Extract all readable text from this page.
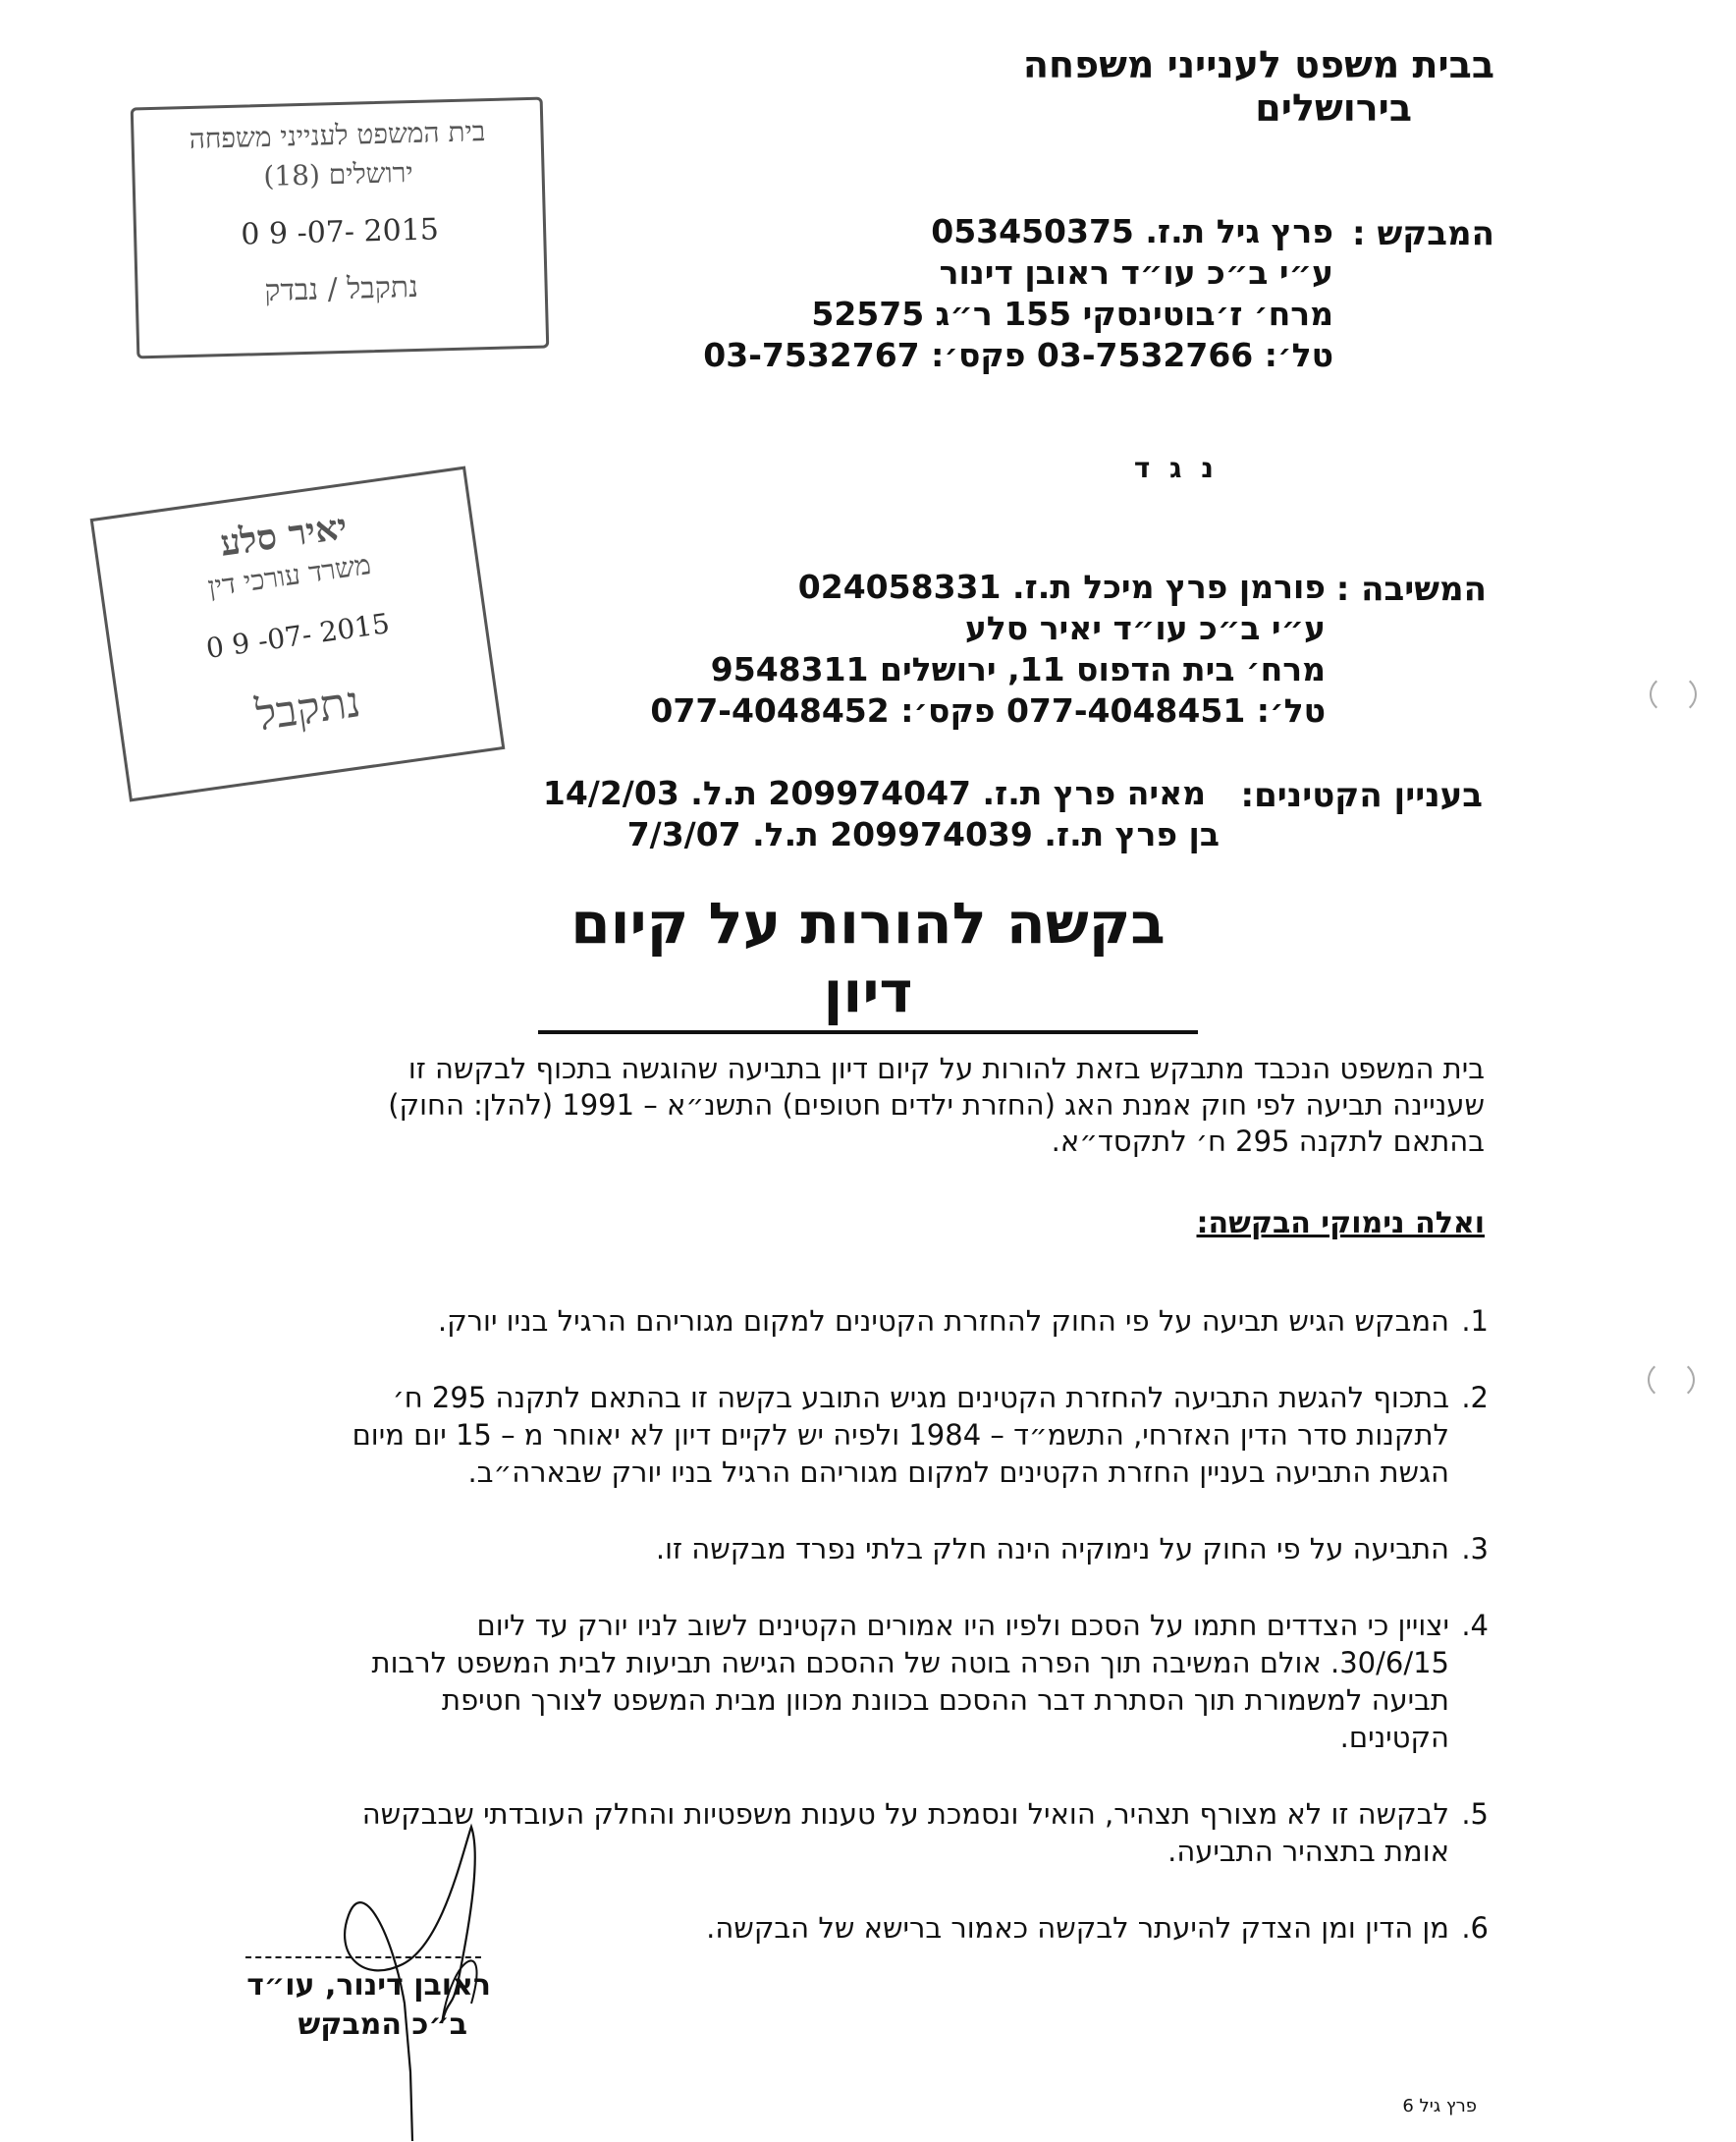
בבית משפט לענייני משפחה
בירושלים
בית המשפט לענייני משפחה
ירושלים (18)
0 9 -07- 2015
נתקבל / נבדק
המבקש :
פרץ גיל ת.ז. 053450375
ע״י ב״כ עו״ד ראובן דינור
מרח׳ ז׳בוטינסקי 155 ר״ג 52575
טל׳: 03-7532766 פקס׳: 03-7532767
נ ג ד
יאיר סלע
משרד עורכי דין
0 9 -07- 2015
נתקבל
המשיבה :
פורמן פרץ מיכל ת.ז. 024058331
ע״י ב״כ עו״ד יאיר סלע
מרח׳ בית הדפוס 11, ירושלים 9548311
טל׳: 077-4048451 פקס׳: 077-4048452
בעניין הקטינים:
מאיה פרץ ת.ז. 209974047 ת.ל. 14/2/03
בן פרץ ת.ז. 209974039 ת.ל. 7/3/07
בקשה להורות על קיום דיון
בית המשפט הנכבד מתבקש בזאת להורות על קיום דיון בתביעה שהוגשה בתכוף לבקשה זו
שעניינה תביעה לפי חוק אמנת האג (החזרת ילדים חטופים) התשנ״א – 1991 (להלן: החוק)
בהתאם לתקנה 295 ח׳ לתקסד״א.
ואלה נימוקי הבקשה:
1.
המבקש הגיש תביעה על פי החוק להחזרת הקטינים למקום מגוריהם הרגיל בניו יורק.
2.
בתכוף להגשת התביעה להחזרת הקטינים מגיש התובע בקשה זו בהתאם לתקנה 295 ח׳
לתקנות סדר הדין האזרחי, התשמ״ד – 1984 ולפיה יש לקיים דיון לא יאוחר מ – 15 יום מיום
הגשת התביעה בעניין החזרת הקטינים למקום מגוריהם הרגיל בניו יורק שבארה״ב.
3.
התביעה על פי החוק על נימוקיה הינה חלק בלתי נפרד מבקשה זו.
4.
יצויין כי הצדדים חתמו על הסכם ולפיו היו אמורים הקטינים לשוב לניו יורק עד ליום
30/6/15. אולם המשיבה תוך הפרה בוטה של ההסכם הגישה תביעות לבית המשפט לרבות
תביעה למשמורת תוך הסתרת דבר ההסכם בכוונת מכוון מבית המשפט לצורך חטיפת
הקטינים.
5.
לבקשה זו לא מצורף תצהיר, הואיל ונסמכת על טענות משפטיות והחלק העובדתי שבבקשה
אומת בתצהיר התביעה.
6.
מן הדין ומן הצדק להיעתר לבקשה כאמור ברישא של הבקשה.
ראובן דינור, עו״ד
ב״כ המבקש
פרץ גיל 6
